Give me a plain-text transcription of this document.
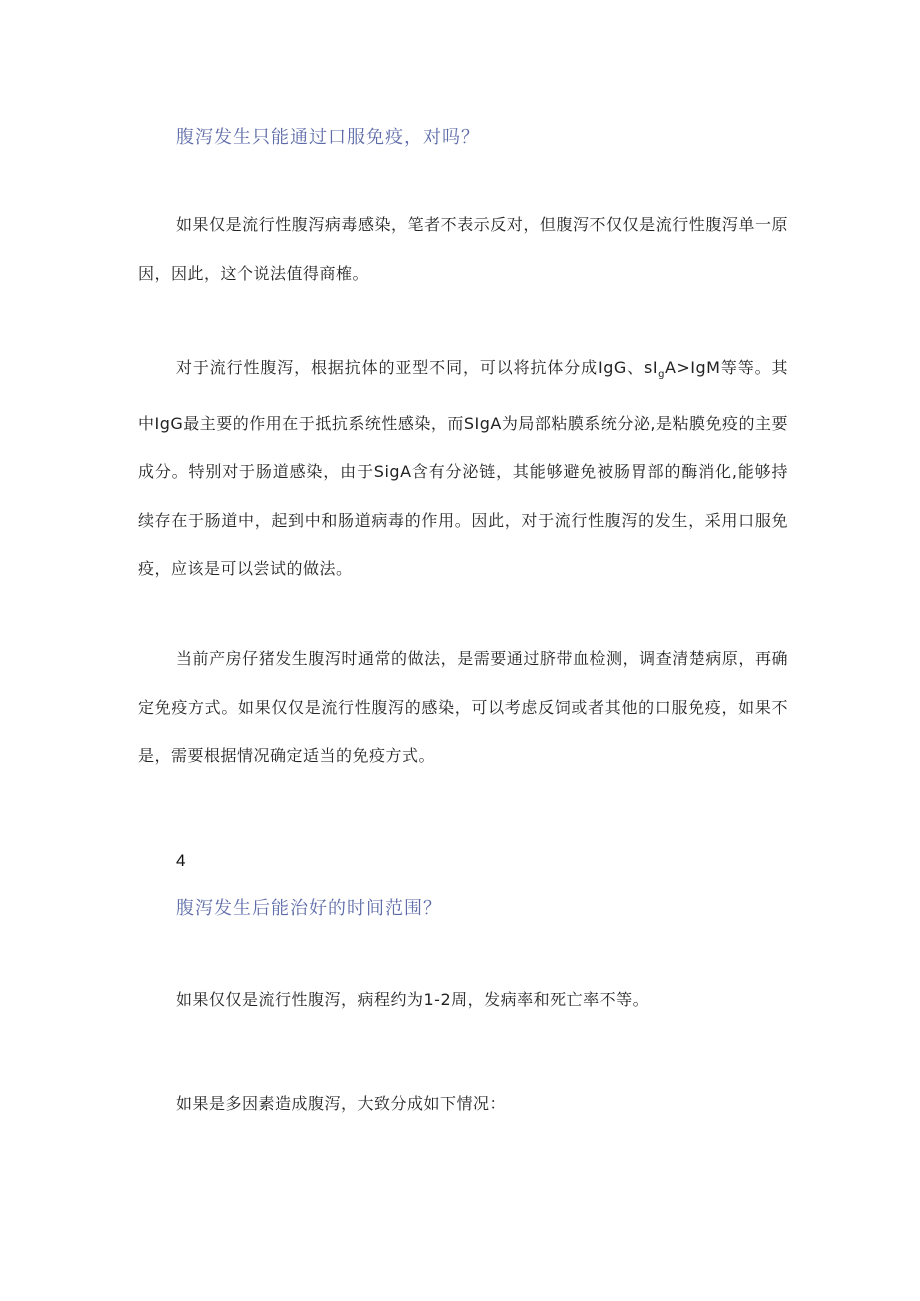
腹泻发生只能通过口服免疫，对吗？

如果仅是流行性腹泻病毒感染，笔者不表示反对，但腹泻不仅仅是流行性腹泻单一原因，因此，这个说法值得商榷。

对于流行性腹泻，根据抗体的亚型不同，可以将抗体分成IgG、$sI_gA>IgM$等等。其中IgG最主要的作用在于抵抗系统性感染，而SIgA为局部粘膜系统分泌,是粘膜免疫的主要成分。特别对于肠道感染，由于SigA含有分泌链，其能够避免被肠胃部的酶消化,能够持续存在于肠道中，起到中和肠道病毒的作用。因此，对于流行性腹泻的发生，采用口服免疫，应该是可以尝试的做法。

当前产房仔猪发生腹泻时通常的做法，是需要通过脐带血检测，调查清楚病原，再确定免疫方式。如果仅仅是流行性腹泻的感染，可以考虑反饲或者其他的口服免疫，如果不是，需要根据情况确定适当的免疫方式。

4

腹泻发生后能治好的时间范围？

如果仅仅是流行性腹泻，病程约为1-2周，发病率和死亡率不等。

如果是多因素造成腹泻，大致分成如下情况：
